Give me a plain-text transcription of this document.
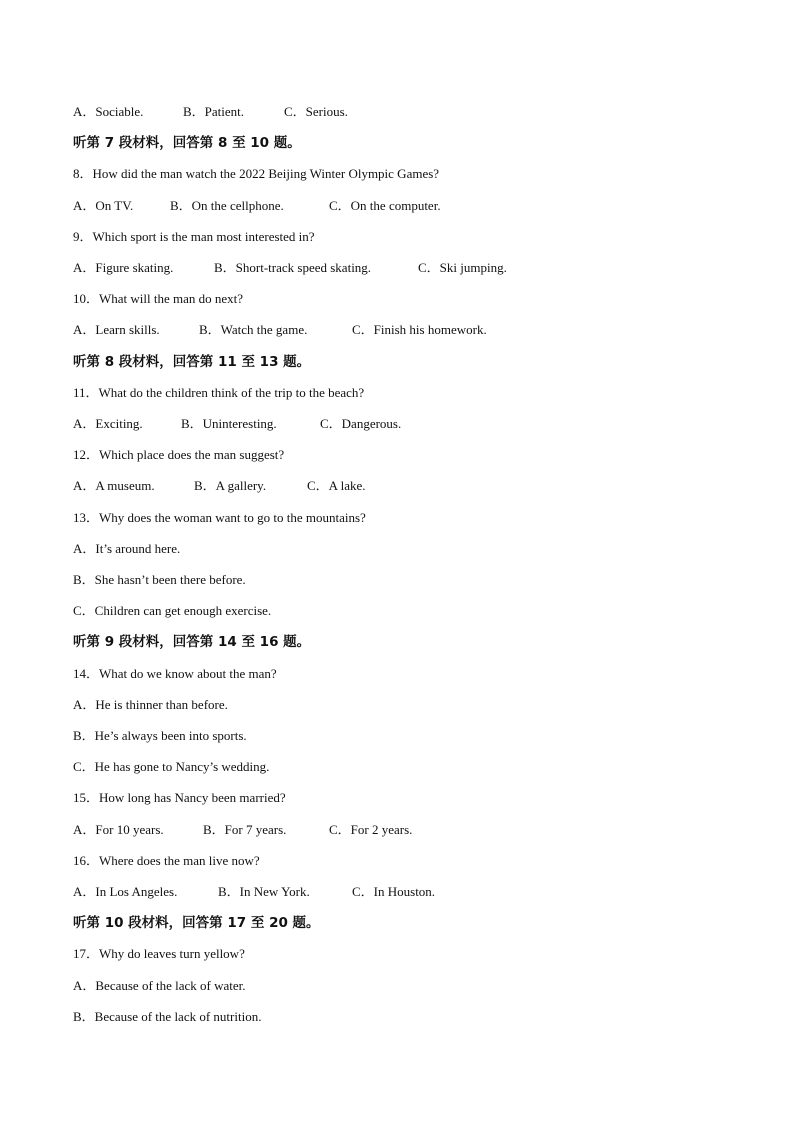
A．Sociable.	B．Patient.	C．Serious.
听第 7 段材料，回答第 8 至 10 题。
8．How did the man watch the 2022 Beijing Winter Olympic Games?
A．On TV.	B．On the cellphone.	C．On the computer.
9．Which sport is the man most interested in?
A．Figure skating.	B．Short-track speed skating.	C．Ski jumping.
10．What will the man do next?
A．Learn skills.	B．Watch the game.	C．Finish his homework.
听第 8 段材料，回答第 11 至 13 题。
11．What do the children think of the trip to the beach?
A．Exciting.	B．Uninteresting.	C．Dangerous.
12．Which place does the man suggest?
A．A museum.	B．A gallery.	C．A lake.
13．Why does the woman want to go to the mountains?
A．It’s around here.
B．She hasn’t been there before.
C．Children can get enough exercise.
听第 9 段材料，回答第 14 至 16 题。
14．What do we know about the man?
A．He is thinner than before.
B．He’s always been into sports.
C．He has gone to Nancy’s wedding.
15．How long has Nancy been married?
A．For 10 years.	B．For 7 years.	C．For 2 years.
16．Where does the man live now?
A．In Los Angeles.	B．In New York.	C．In Houston.
听第 10 段材料，回答第 17 至 20 题。
17．Why do leaves turn yellow?
A．Because of the lack of water.
B．Because of the lack of nutrition.
